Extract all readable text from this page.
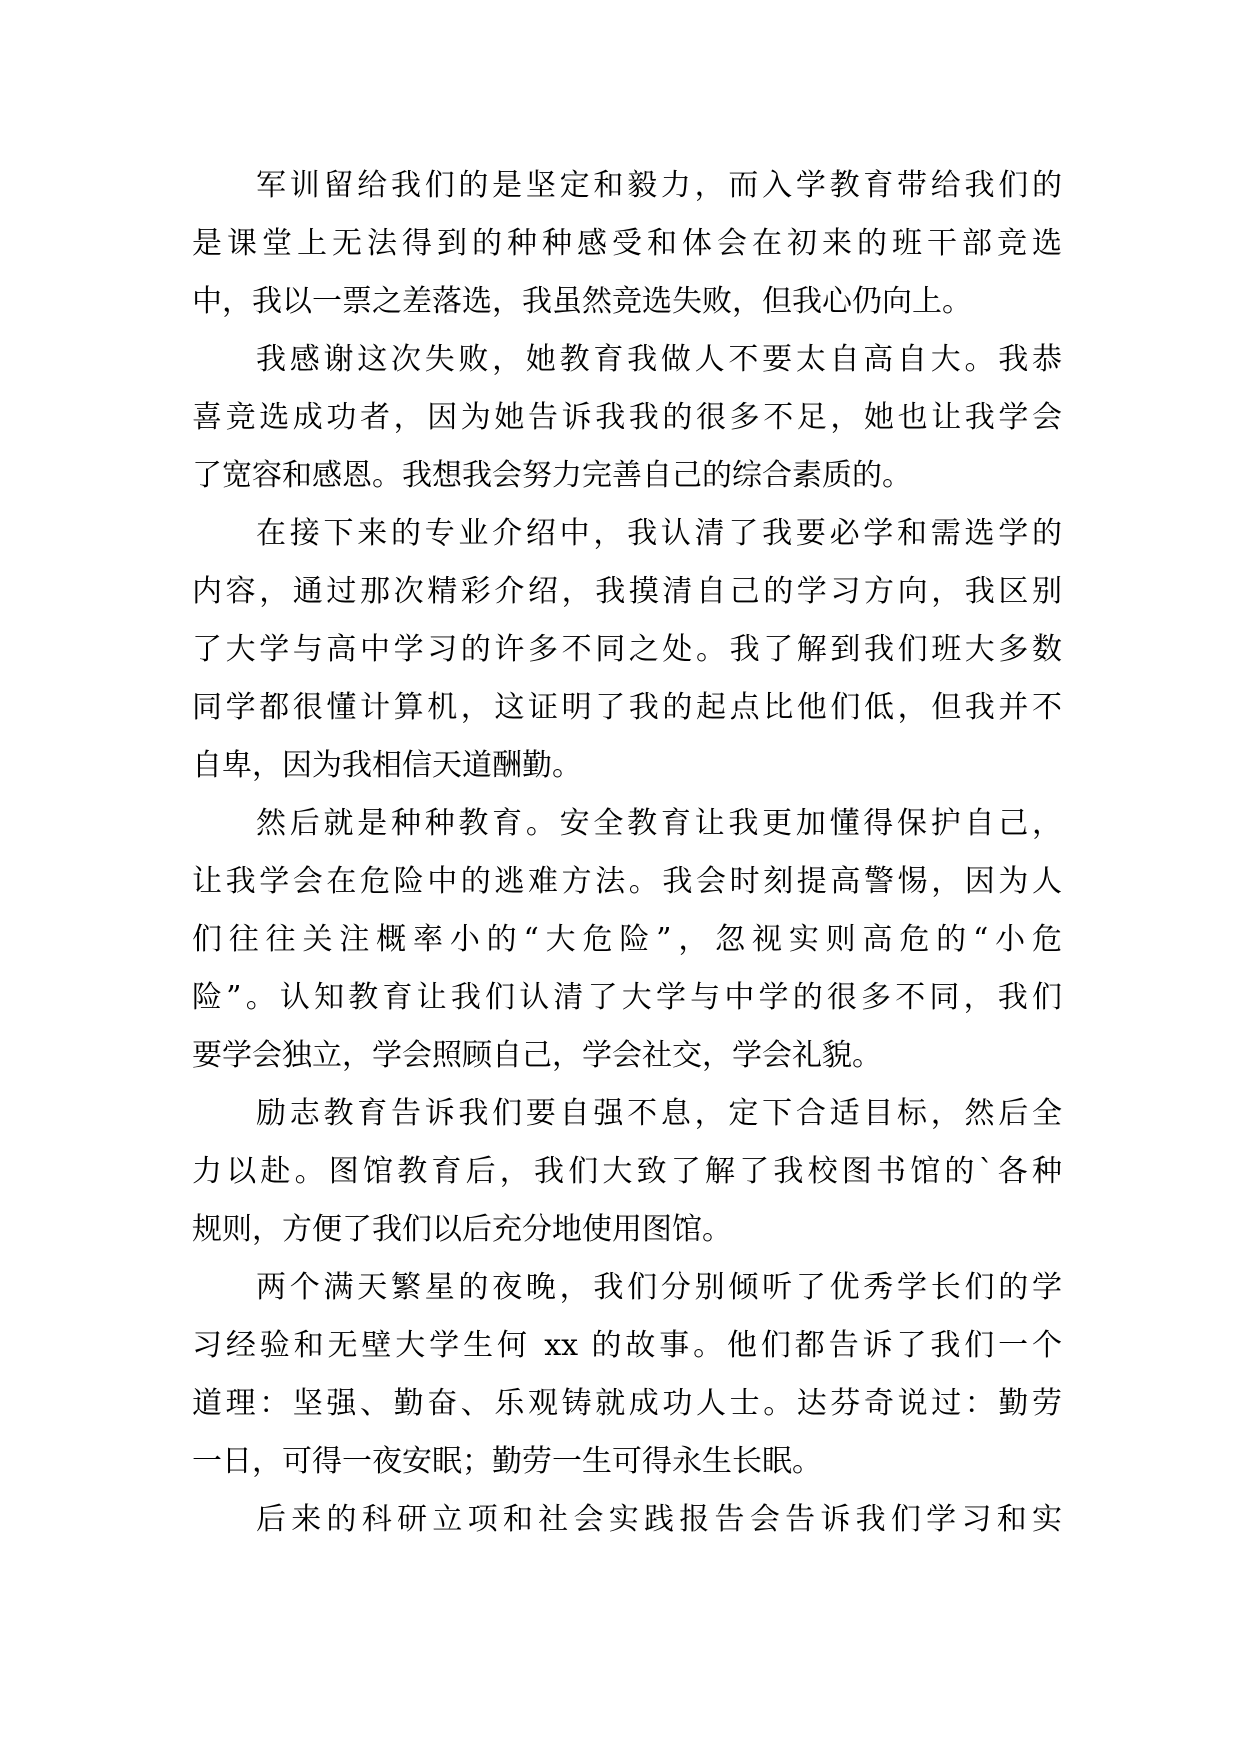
军训留给我们的是坚定和毅力，而入学教育带给我们的
是课堂上无法得到的种种感受和体会在初来的班干部竞选
中，我以一票之差落选，我虽然竞选失败，但我心仍向上。
我感谢这次失败，她教育我做人不要太自高自大。我恭
喜竞选成功者，因为她告诉我我的很多不足，她也让我学会
了宽容和感恩。我想我会努力完善自己的综合素质的。
在接下来的专业介绍中，我认清了我要必学和需选学的
内容，通过那次精彩介绍，我摸清自己的学习方向，我区别
了大学与高中学习的许多不同之处。我了解到我们班大多数
同学都很懂计算机，这证明了我的起点比他们低，但我并不
自卑，因为我相信天道酬勤。
然后就是种种教育。安全教育让我更加懂得保护自己，
让我学会在危险中的逃难方法。我会时刻提高警惕，因为人
们往往关注概率小的“大危险”，忽视实则高危的“小危
险”。认知教育让我们认清了大学与中学的很多不同，我们
要学会独立，学会照顾自己，学会社交，学会礼貌。
励志教育告诉我们要自强不息，定下合适目标，然后全
力以赴。图馆教育后，我们大致了解了我校图书馆的`各种
规则，方便了我们以后充分地使用图馆。
两个满天繁星的夜晚，我们分别倾听了优秀学长们的学
习经验和无壁大学生何 xx 的故事。他们都告诉了我们一个
道理：坚强、勤奋、乐观铸就成功人士。达芬奇说过：勤劳
一日，可得一夜安眠；勤劳一生可得永生长眠。
后来的科研立项和社会实践报告会告诉我们学习和实
